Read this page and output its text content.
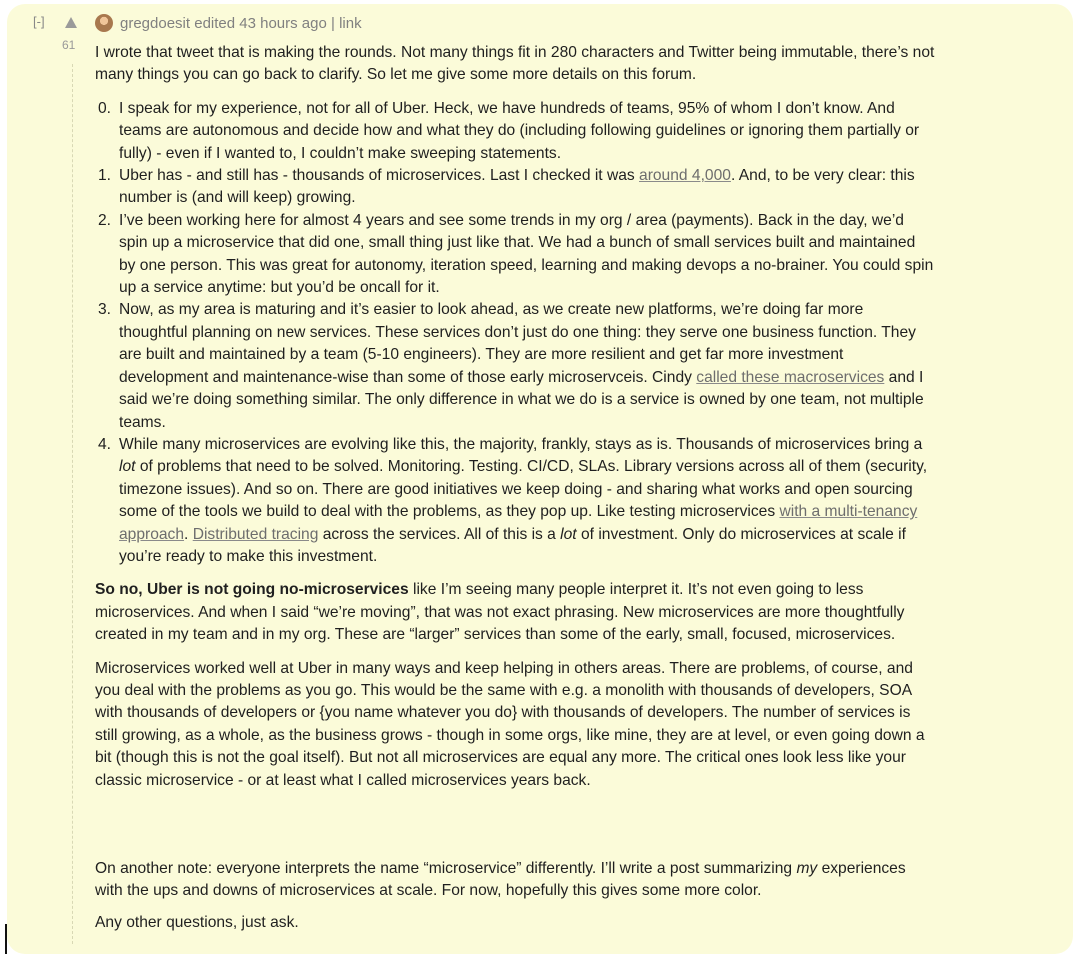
[-]
61
gregdoesit edited 43 hours ago | link

I wrote that tweet that is making the rounds. Not many things fit in 280 characters and Twitter being immutable, there’s not many things you can go back to clarify. So let me give some more details on this forum.

0. I speak for my experience, not for all of Uber. Heck, we have hundreds of teams, 95% of whom I don’t know. And teams are autonomous and decide how and what they do (including following guidelines or ignoring them partially or fully) - even if I wanted to, I couldn’t make sweeping statements.
1. Uber has - and still has - thousands of microservices. Last I checked it was around 4,000. And, to be very clear: this number is (and will keep) growing.
2. I’ve been working here for almost 4 years and see some trends in my org / area (payments). Back in the day, we’d spin up a microservice that did one, small thing just like that. We had a bunch of small services built and maintained by one person. This was great for autonomy, iteration speed, learning and making devops a no-brainer. You could spin up a service anytime: but you’d be oncall for it.
3. Now, as my area is maturing and it’s easier to look ahead, as we create new platforms, we’re doing far more thoughtful planning on new services. These services don’t just do one thing: they serve one business function. They are built and maintained by a team (5-10 engineers). They are more resilient and get far more investment development and maintenance-wise than some of those early microservceis. Cindy called these macroservices and I said we’re doing something similar. The only difference in what we do is a service is owned by one team, not multiple teams.
4. While many microservices are evolving like this, the majority, frankly, stays as is. Thousands of microservices bring a lot of problems that need to be solved. Monitoring. Testing. CI/CD, SLAs. Library versions across all of them (security, timezone issues). And so on. There are good initiatives we keep doing - and sharing what works and open sourcing some of the tools we build to deal with the problems, as they pop up. Like testing microservices with a multi-tenancy approach. Distributed tracing across the services. All of this is a lot of investment. Only do microservices at scale if you’re ready to make this investment.

So no, Uber is not going no-microservices like I’m seeing many people interpret it. It’s not even going to less microservices. And when I said “we’re moving”, that was not exact phrasing. New microservices are more thoughtfully created in my team and in my org. These are “larger” services than some of the early, small, focused, microservices.

Microservices worked well at Uber in many ways and keep helping in others areas. There are problems, of course, and you deal with the problems as you go. This would be the same with e.g. a monolith with thousands of developers, SOA with thousands of developers or {you name whatever you do} with thousands of developers. The number of services is still growing, as a whole, as the business grows - though in some orgs, like mine, they are at level, or even going down a bit (though this is not the goal itself). But not all microservices are equal any more. The critical ones look less like your classic microservice - or at least what I called microservices years back.

On another note: everyone interprets the name “microservice” differently. I’ll write a post summarizing my experiences with the ups and downs of microservices at scale. For now, hopefully this gives some more color.

Any other questions, just ask.
